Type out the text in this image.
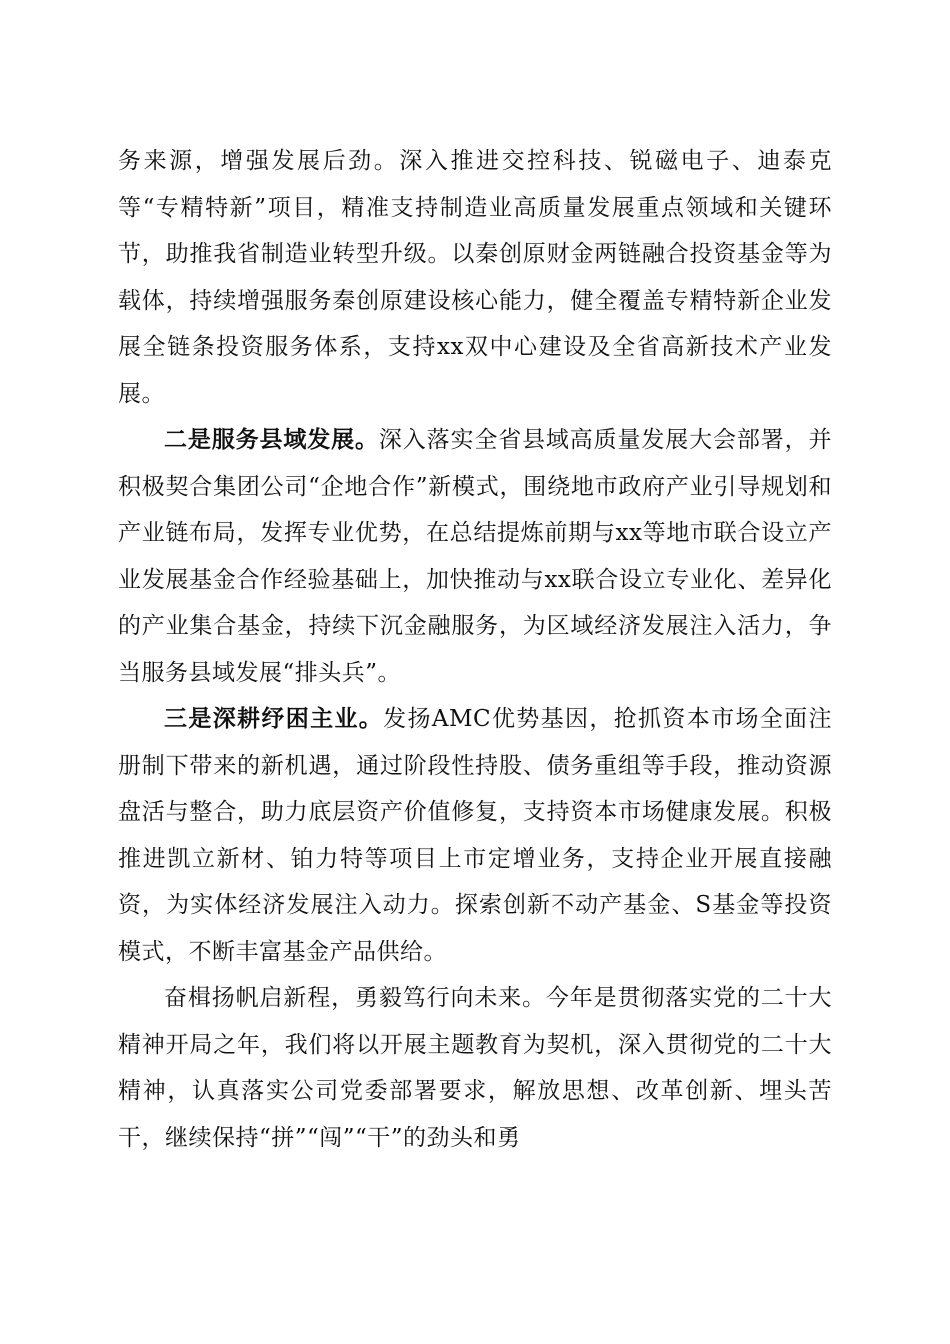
务来源，增强发展后劲。深入推进交控科技、锐磁电子、迪泰克等“专精特新”项目，精准支持制造业高质量发展重点领域和关键环节，助推我省制造业转型升级。以秦创原财金两链融合投资基金等为载体，持续增强服务秦创原建设核心能力，健全覆盖专精特新企业发展全链条投资服务体系，支持xx双中心建设及全省高新技术产业发展。

二是服务县域发展。深入落实全省县域高质量发展大会部署，并积极契合集团公司“企地合作”新模式，围绕地市政府产业引导规划和产业链布局，发挥专业优势，在总结提炼前期与xx等地市联合设立产业发展基金合作经验基础上，加快推动与xx联合设立专业化、差异化的产业集合基金，持续下沉金融服务，为区域经济发展注入活力，争当服务县域发展“排头兵”。

三是深耕纾困主业。发扬AMC优势基因，抢抓资本市场全面注册制下带来的新机遇，通过阶段性持股、债务重组等手段，推动资源盘活与整合，助力底层资产价值修复，支持资本市场健康发展。积极推进凯立新材、铂力特等项目上市定增业务，支持企业开展直接融资，为实体经济发展注入动力。探索创新不动产基金、S基金等投资模式，不断丰富基金产品供给。

奋楫扬帆启新程，勇毅笃行向未来。今年是贯彻落实党的二十大精神开局之年，我们将以开展主题教育为契机，深入贯彻党的二十大精神，认真落实公司党委部署要求，解放思想、改革创新、埋头苦干，继续保持“拼”“闯”“干”的劲头和勇
